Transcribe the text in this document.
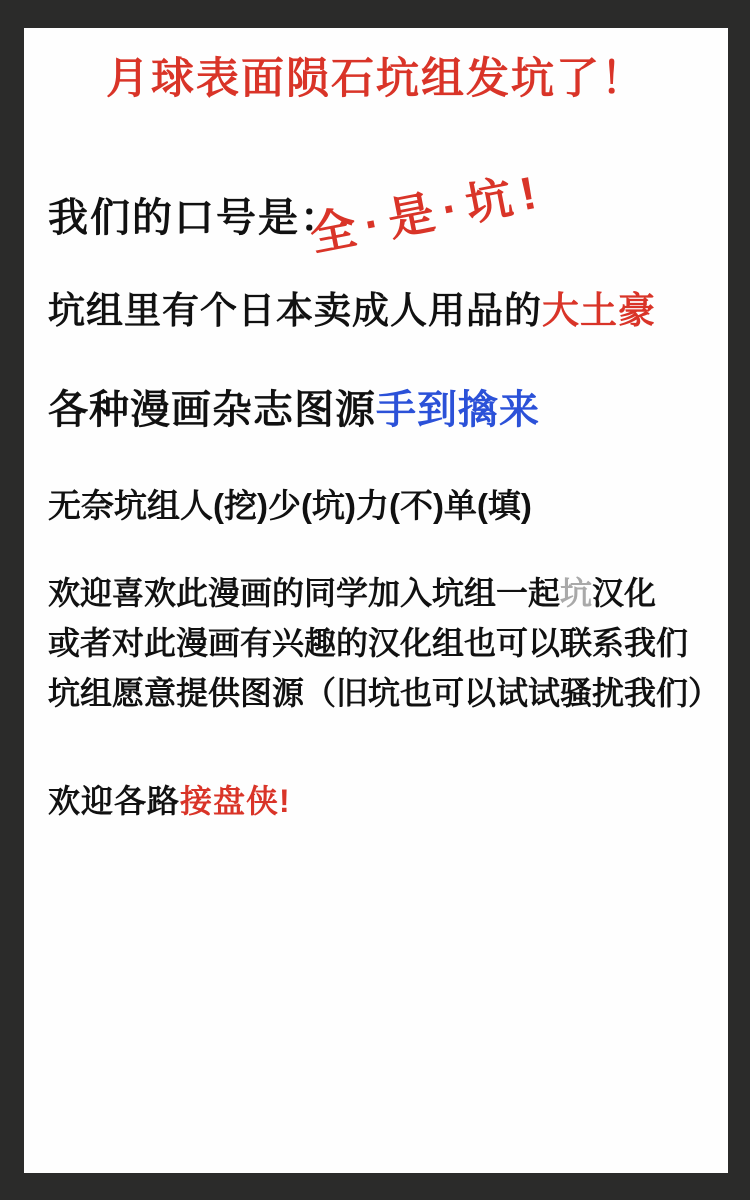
月球表面陨石坑组发坑了！
我们的口号是：
全·是·坑!
坑组里有个日本卖成人用品的大土豪
各种漫画杂志图源手到擒来
无奈坑组人(挖)少(坑)力(不)单(填)
欢迎喜欢此漫画的同学加入坑组一起坑汉化
或者对此漫画有兴趣的汉化组也可以联系我们
坑组愿意提供图源（旧坑也可以试试骚扰我们）
欢迎各路接盘侠!
